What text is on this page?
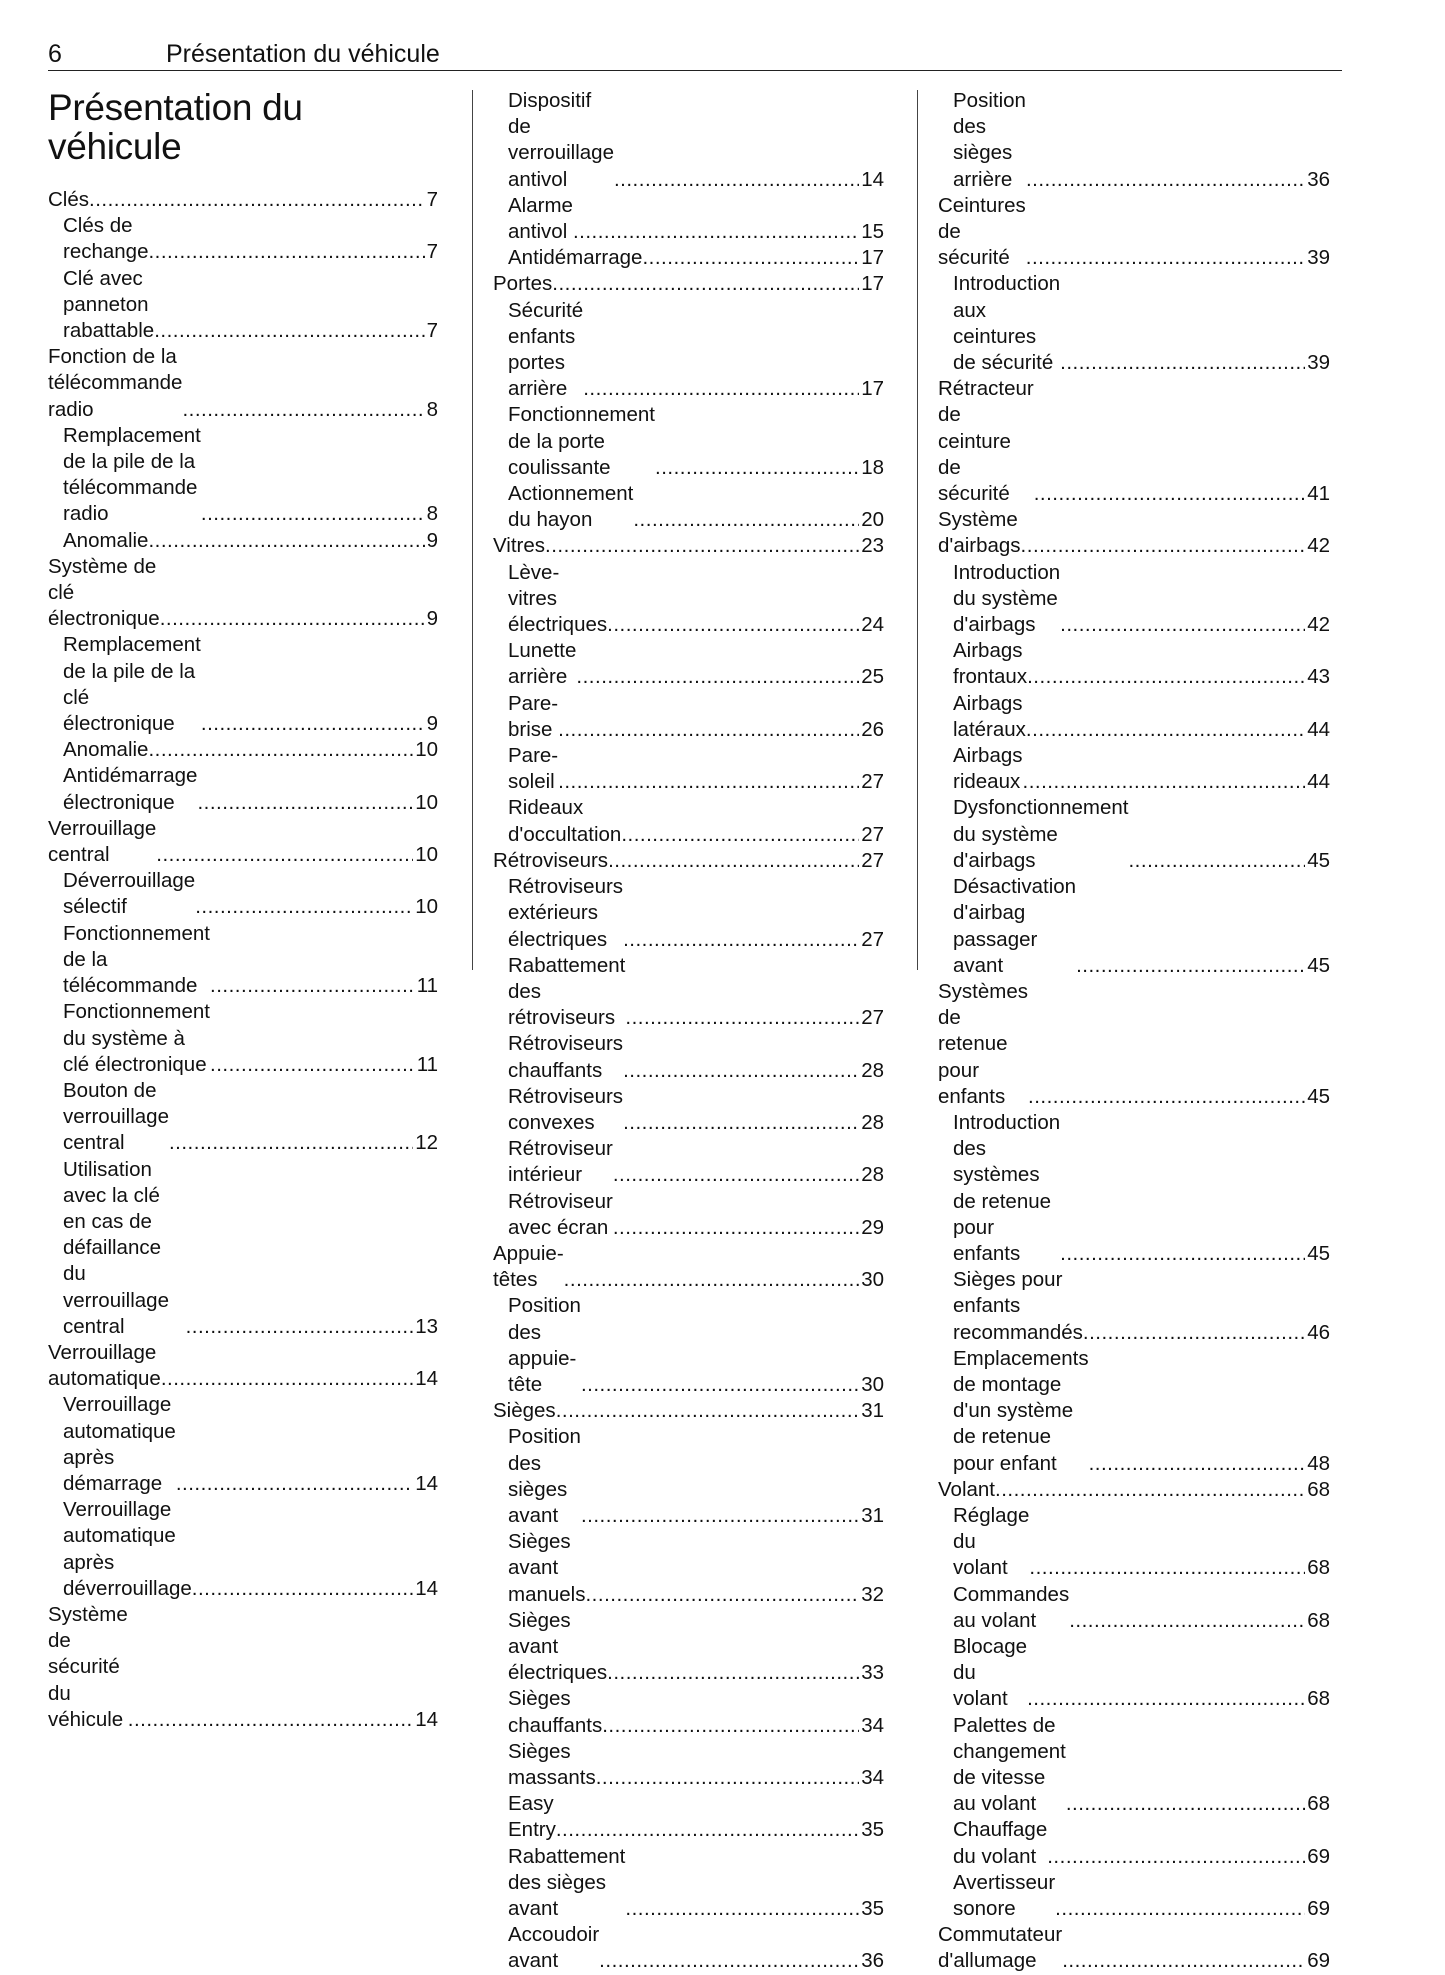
6	Présentation du véhicule
Présentation du véhicule
Clés .....	7
Clés de rechange .....	7
Clé avec panneton rabattable .....	7
Fonction de la télécommande radio .....	8
Remplacement de la pile de la télécommande radio .....	8
Anomalie .....	9
Système de clé électronique .....	9
Remplacement de la pile de la clé électronique .....	9
Anomalie .....	10
Antidémarrage électronique .....	10
Verrouillage central .....	10
Déverrouillage sélectif .....	10
Fonctionnement de la télécommande .....	11
Fonctionnement du système à clé électronique .....	11
Bouton de verrouillage central .....	12
Utilisation avec la clé en cas de défaillance du verrouillage central .....	13
Verrouillage automatique .....	14
Verrouillage automatique après démarrage .....	14
Verrouillage automatique après déverrouillage .....	14
Système de sécurité du véhicule .....	14
Dispositif de verrouillage antivol .....	14
Alarme antivol .....	15
Antidémarrage .....	17
Portes .....	17
Sécurité enfants portes arrière .....	17
Fonctionnement de la porte coulissante .....	18
Actionnement du hayon .....	20
Vitres .....	23
Lève-vitres électriques .....	24
Lunette arrière .....	25
Pare-brise .....	26
Pare-soleil .....	27
Rideaux d'occultation .....	27
Rétroviseurs .....	27
Rétroviseurs extérieurs électriques .....	27
Rabattement des rétroviseurs .....	27
Rétroviseurs chauffants .....	28
Rétroviseurs convexes .....	28
Rétroviseur intérieur .....	28
Rétroviseur avec écran .....	29
Appuie-têtes .....	30
Position des appuie-tête .....	30
Sièges .....	31
Position des sièges avant .....	31
Sièges avant manuels .....	32
Sièges avant électriques .....	33
Sièges chauffants .....	34
Sièges massants .....	34
Easy Entry .....	35
Rabattement des sièges avant .....	35
Accoudoir avant .....	36
Position des sièges arrière .....	36
Ceintures de sécurité .....	39
Introduction aux ceintures de sécurité .....	39
Rétracteur de ceinture de sécurité .....	41
Système d'airbags .....	42
Introduction du système d'airbags .....	42
Airbags frontaux .....	43
Airbags latéraux .....	44
Airbags rideaux .....	44
Dysfonctionnement du système d'airbags .....	45
Désactivation d'airbag passager avant .....	45
Systèmes de retenue pour enfants .....	45
Introduction des systèmes de retenue pour enfants .....	45
Sièges pour enfants recommandés .....	46
Emplacements de montage d'un système de retenue pour enfant .....	48
Volant .....	68
Réglage du volant .....	68
Commandes au volant .....	68
Blocage du volant .....	68
Palettes de changement de vitesse au volant .....	68
Chauffage du volant .....	69
Avertisseur sonore .....	69
Commutateur d'allumage .....	69
